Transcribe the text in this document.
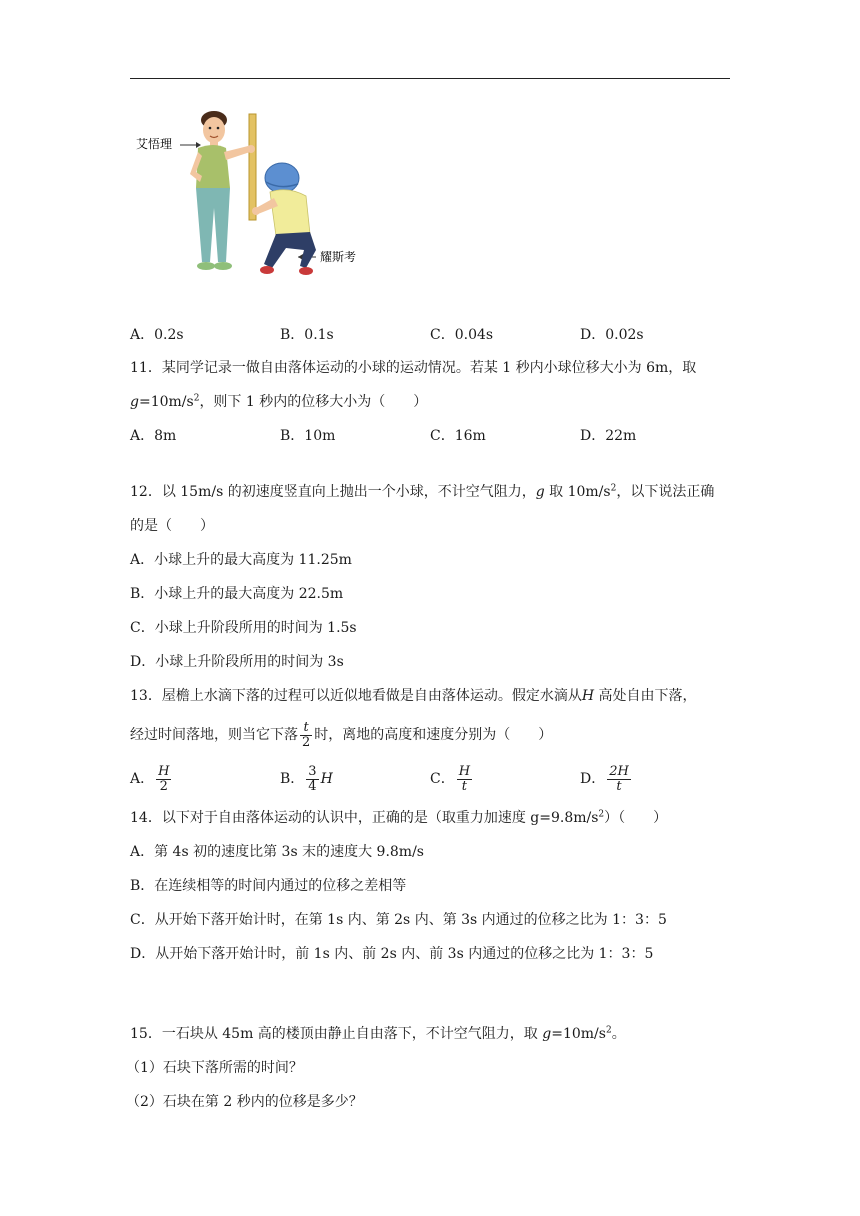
艾悟理
耀斯考
A．0.2s	B．0.1s	C．0.04s	D．0.02s
11．某同学记录一做自由落体运动的小球的运动情况。若某 1 秒内小球位移大小为 6m，取
$g=10m/s^2$，则下 1 秒内的位移大小为（　　）
A．8m	B．10m	C．16m	D．22m
12．以 15m/s 的初速度竖直向上抛出一个小球，不计空气阻力，g 取 $10m/s^2$，以下说法正确
的是（　　）
A．小球上升的最大高度为 11.25m
B．小球上升的最大高度为 22.5m
C．小球上升阶段所用的时间为 1.5s
D．小球上升阶段所用的时间为 3s
13．屋檐上水滴下落的过程可以近似地看做是自由落体运动。假定水滴从H 高处自由下落，
经过时间落地，则当它下落 $\frac{t}{2}$ 时，离地的高度和速度分别为（　　）
A． $\frac{H}{2}$	B． $\frac{3}{4}$ H	C． $\frac{H}{t}$	D． $\frac{2H}{t}$
14．以下对于自由落体运动的认识中，正确的是（取重力加速度 $g=9.8m/s^2$）（　　）
A．第 4s 初的速度比第 3s 末的速度大 9.8m/s
B．在连续相等的时间内通过的位移之差相等
C．从开始下落开始计时，在第 1s 内、第 2s 内、第 3s 内通过的位移之比为 1：3：5
D．从开始下落开始计时，前 1s 内、前 2s 内、前 3s 内通过的位移之比为 1：3：5
15．一石块从 45m 高的楼顶由静止自由落下，不计空气阻力，取 $g=10m/s^2$。
（1）石块下落所需的时间？
（2）石块在第 2 秒内的位移是多少？
